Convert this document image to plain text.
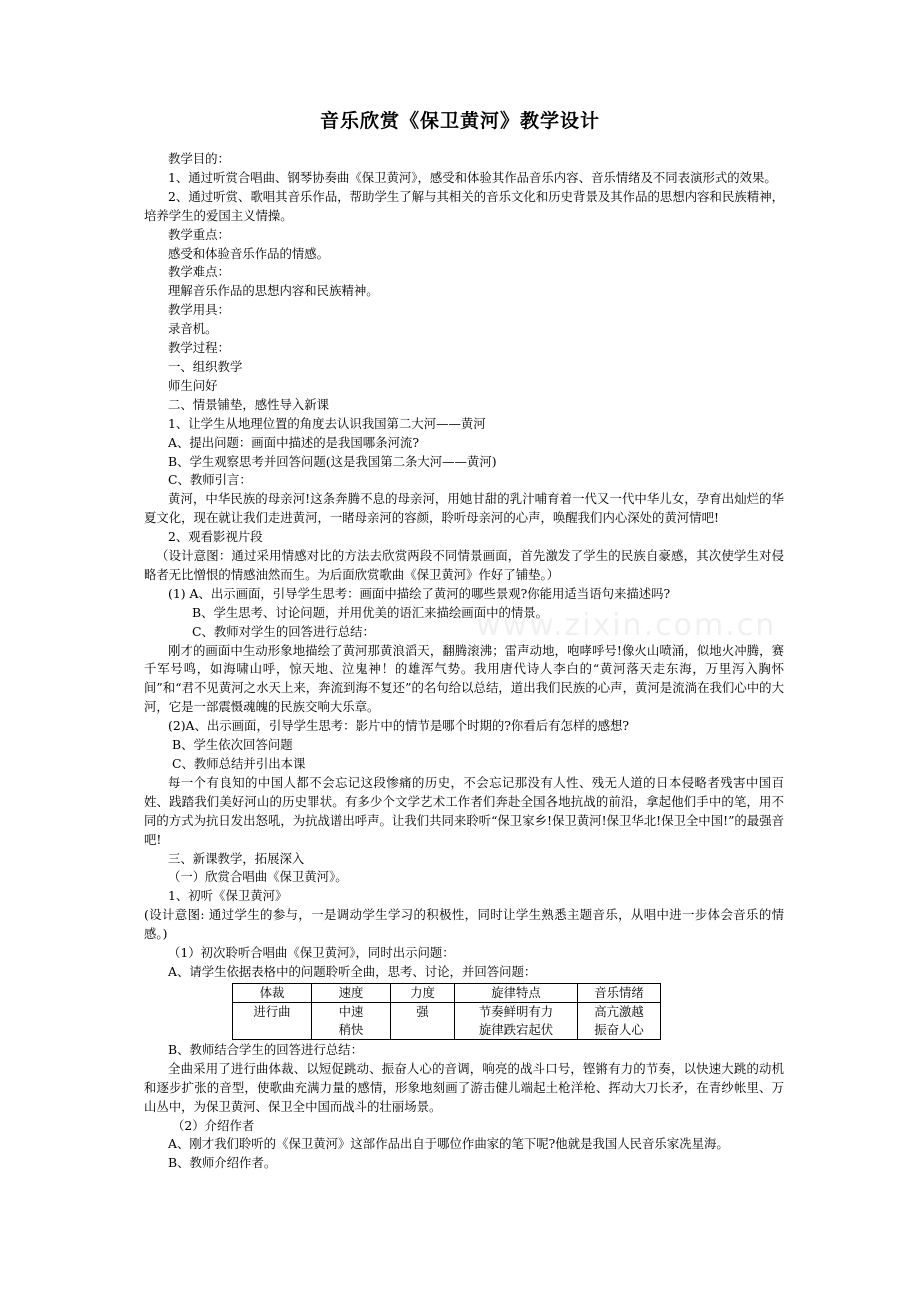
音乐欣赏《保卫黄河》教学设计
www.zixin.com.cn

教学目的：

1、通过听赏合唱曲、钢琴协奏曲《保卫黄河》，感受和体验其作品音乐内容、音乐情绪及不同表演形式的效果。

2、通过听赏、歌唱其音乐作品，帮助学生了解与其相关的音乐文化和历史背景及其作品的思想内容和民族精神，培养学生的爱国主义情操。

教学重点：

感受和体验音乐作品的情感。

教学难点：

理解音乐作品的思想内容和民族精神。

教学用具：

录音机。

教学过程：

一、组织教学

师生问好

二、情景铺垫，感性导入新课

1、让学生从地理位置的角度去认识我国第二大河——黄河

A、提出问题：画面中描述的是我国哪条河流?

B、学生观察思考并回答问题(这是我国第二条大河——黄河)

C、教师引言：

黄河，中华民族的母亲河!这条奔腾不息的母亲河，用她甘甜的乳汁哺育着一代又一代中华儿女，孕育出灿烂的华夏文化，现在就让我们走进黄河，一睹母亲河的容颜，聆听母亲河的心声，唤醒我们内心深处的黄河情吧!

2、观看影视片段

（设计意图：通过采用情感对比的方法去欣赏两段不同情景画面，首先激发了学生的民族自豪感，其次使学生对侵略者无比憎恨的情感油然而生。为后面欣赏歌曲《保卫黄河》作好了铺垫。）

(1) A、出示画面，引导学生思考：画面中描绘了黄河的哪些景观?你能用适当语句来描述吗?

B、学生思考、讨论问题，并用优美的语汇来描绘画面中的情景。

C、教师对学生的回答进行总结：

刚才的画面中生动形象地描绘了黄河那黄浪滔天，翻腾滚沸；雷声动地，咆哮呼号!像火山喷涌，似地火冲腾，赛千军号鸣，如海啸山呼，惊天地、泣鬼神！的雄浑气势。我用唐代诗人李白的“黄河落天走东海，万里泻入胸怀间”和“君不见黄河之水天上来，奔流到海不复还”的名句给以总结，道出我们民族的心声，黄河是流淌在我们心中的大河，它是一部震慑魂魄的民族交响大乐章。

(2)A、出示画面，引导学生思考：影片中的情节是哪个时期的?你看后有怎样的感想?

B、学生依次回答问题

C、教师总结并引出本课

每一个有良知的中国人都不会忘记这段惨痛的历史，不会忘记那没有人性、残无人道的日本侵略者残害中国百姓、践踏我们美好河山的历史罪状。有多少个文学艺术工作者们奔赴全国各地抗战的前沿，拿起他们手中的笔，用不同的方式为抗日发出怒吼，为抗战谱出呼声。让我们共同来聆听“保卫家乡!保卫黄河!保卫华北!保卫全中国!”的最强音吧!

三、新课教学，拓展深入

（一）欣赏合唱曲《保卫黄河》。

1、初听《保卫黄河》

(设计意图: 通过学生的参与，一是调动学生学习的积极性，同时让学生熟悉主题音乐，从唱中进一步体会音乐的情感。)

（1）初次聆听合唱曲《保卫黄河》，同时出示问题：

A、请学生依据表格中的问题聆听全曲，思考、讨论，并回答问题：

体裁	速度	力度	旋律特点	音乐情绪
进行曲	中速	强	节奏鲜明有力	高亢激越
	稍快		旋律跌宕起伏	振奋人心

B、教师结合学生的回答进行总结：

全曲采用了进行曲体裁、以短促跳动、振奋人心的音调，响亮的战斗口号，铿锵有力的节奏，以快速大跳的动机和逐步扩张的音型，使歌曲充满力量的感情，形象地刻画了游击健儿端起土枪洋枪、挥动大刀长矛，在青纱帐里、万山丛中，为保卫黄河、保卫全中国而战斗的壮丽场景。

（2）介绍作者

A、刚才我们聆听的《保卫黄河》这部作品出自于哪位作曲家的笔下呢?他就是我国人民音乐家冼星海。

B、教师介绍作者。
